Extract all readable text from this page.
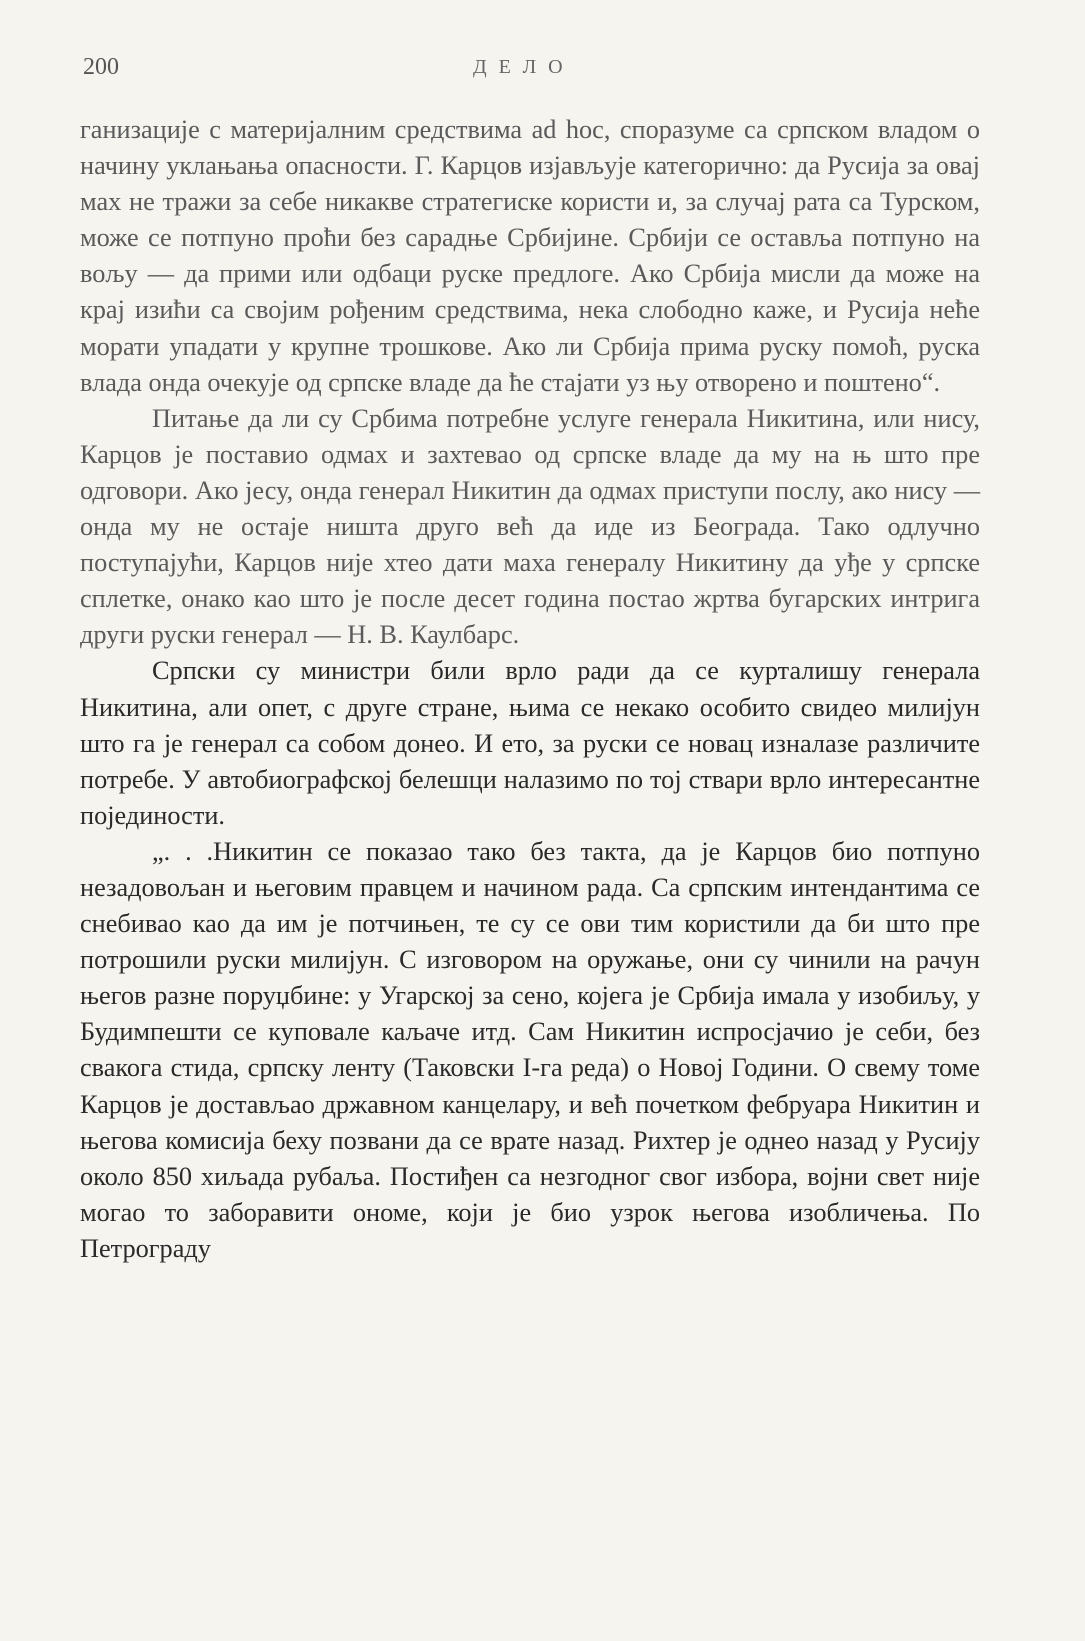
200	ДЕЛО

ганизације с материјалним средствима ad hoc, споразуме са српском владом о начину уклањања опасности. Г. Карцов изјављује категорично: да Русија за овај мах не тражи за себе никакве стратегиске користи и, за случај рата са Турском, може се потпуно проћи без сарадње Србијине. Србији се оставља потпуно на вољу — да прими или одбаци руске предлоге. Ако Србија мисли да може на крај изићи са својим рођеним средствима, нека слободно каже, и Русија неће морати упадати у крупне трошкове. Ако ли Србија прима руску помоћ, руска влада онда очекује од српске владе да ће стајати уз њу отворено и поштено“.

Питање да ли су Србима потребне услуге генерала Никитина, или нису, Карцов је поставио одмах и захтевао од српске владе да му на њ што пре одговори. Ако јесу, онда генерал Никитин да одмах приступи послу, ако нису — онда му не остаје ништа друго већ да иде из Београда. Тако одлучно поступајући, Карцов није хтео дати маха генералу Никитину да уђе у српске сплетке, онако као што је после десет година постао жртва бугарских интрига други руски генерал — Н. В. Каулбарс.

Српски су министри били врло ради да се курталишу генерала Никитина, али опет, с друге стране, њима се некако особито свидео милијун што га је генерал са собом донео. И ето, за руски се новац изналазе различите потребе. У автобиографској белешци налазимо по тој ствари врло интересантне појединости.

„. . .Никитин се показао тако без такта, да је Карцов био потпуно незадовољан и његовим правцем и начином рада. Са српским интендантима се снебивао као да им је потчињен, те су се ови тим користили да би што пре потрошили руски милијун. С изговором на оружање, они су чинили на рачун његов разне поруџбине: у Угарској за сено, којега је Србија имала у изобиљу, у Будимпешти се куповале каљаче итд. Сам Никитин испросјачио је себи, без свакога стида, српску ленту (Таковски I-га реда) о Новој Години. О свему томе Карцов је достављао државном канцелару, и већ почетком фебруара Никитин и његова комисија беху позвани да се врате назад. Рихтер је однео назад у Русију около 850 хиљада рубаља. Постиђен са незгодног свог избора, војни свет није могао то заборавити ономе, који је био узрок његова изобличења. По Петрограду
